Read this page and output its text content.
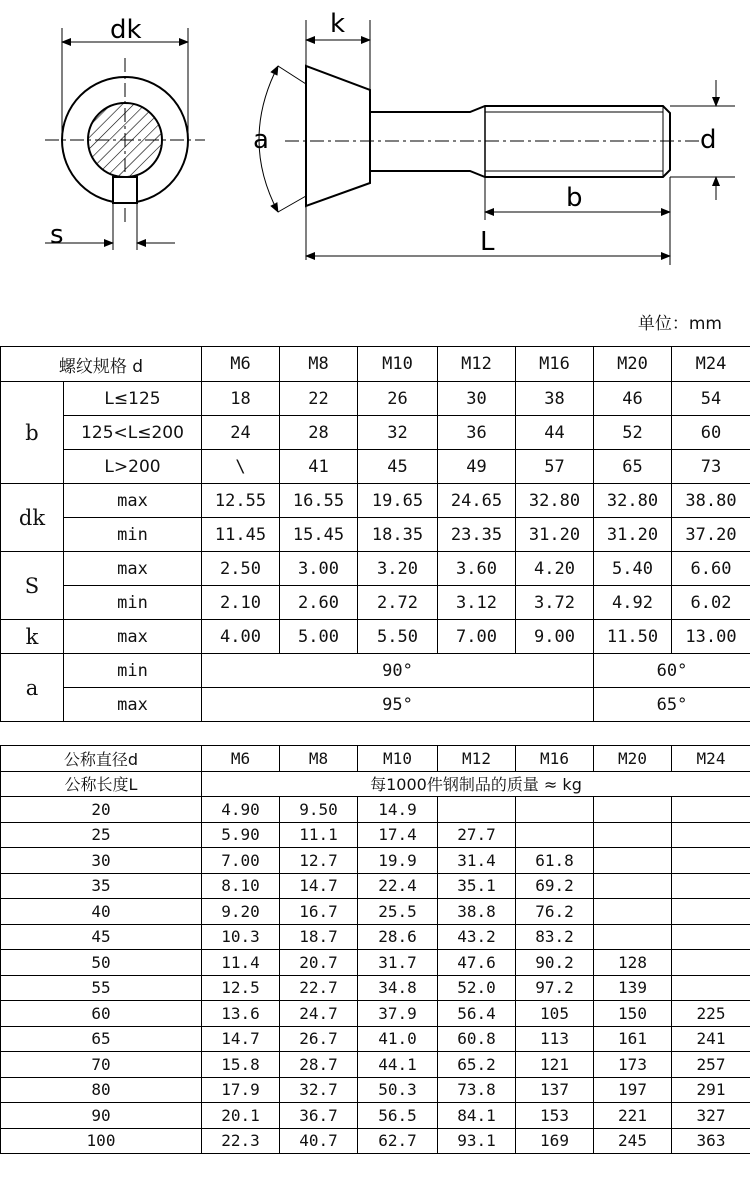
dk
s
k
a	d
b
L
单位：mm
螺纹规格 d		M6	M8	M10	M12	M16	M20	M24
b	L≤125	18	22	26	30	38	46	54
	125<L≤200	24	28	32	36	44	52	60
	L>200	\	41	45	49	57	65	73
dk	max	12.55	16.55	19.65	24.65	32.80	32.80	38.80
	min	11.45	15.45	18.35	23.35	31.20	31.20	37.20
S	max	2.50	3.00	3.20	3.60	4.20	5.40	6.60
	min	2.10	2.60	2.72	3.12	3.72	4.92	6.02
k	max	4.00	5.00	5.50	7.00	9.00	11.50	13.00
a	min	90°					60°	
	max	95°					65°	
公称直径d	M6	M8	M10	M12	M16	M20	M24
公称长度L	每1000件钢制品的质量 ≈ kg						
20	4.90	9.50	14.9				
25	5.90	11.1	17.4	27.7			
30	7.00	12.7	19.9	31.4	61.8		
35	8.10	14.7	22.4	35.1	69.2		
40	9.20	16.7	25.5	38.8	76.2		
45	10.3	18.7	28.6	43.2	83.2		
50	11.4	20.7	31.7	47.6	90.2	128	
55	12.5	22.7	34.8	52.0	97.2	139	
60	13.6	24.7	37.9	56.4	105	150	225
65	14.7	26.7	41.0	60.8	113	161	241
70	15.8	28.7	44.1	65.2	121	173	257
80	17.9	32.7	50.3	73.8	137	197	291
90	20.1	36.7	56.5	84.1	153	221	327
100	22.3	40.7	62.7	93.1	169	245	363
